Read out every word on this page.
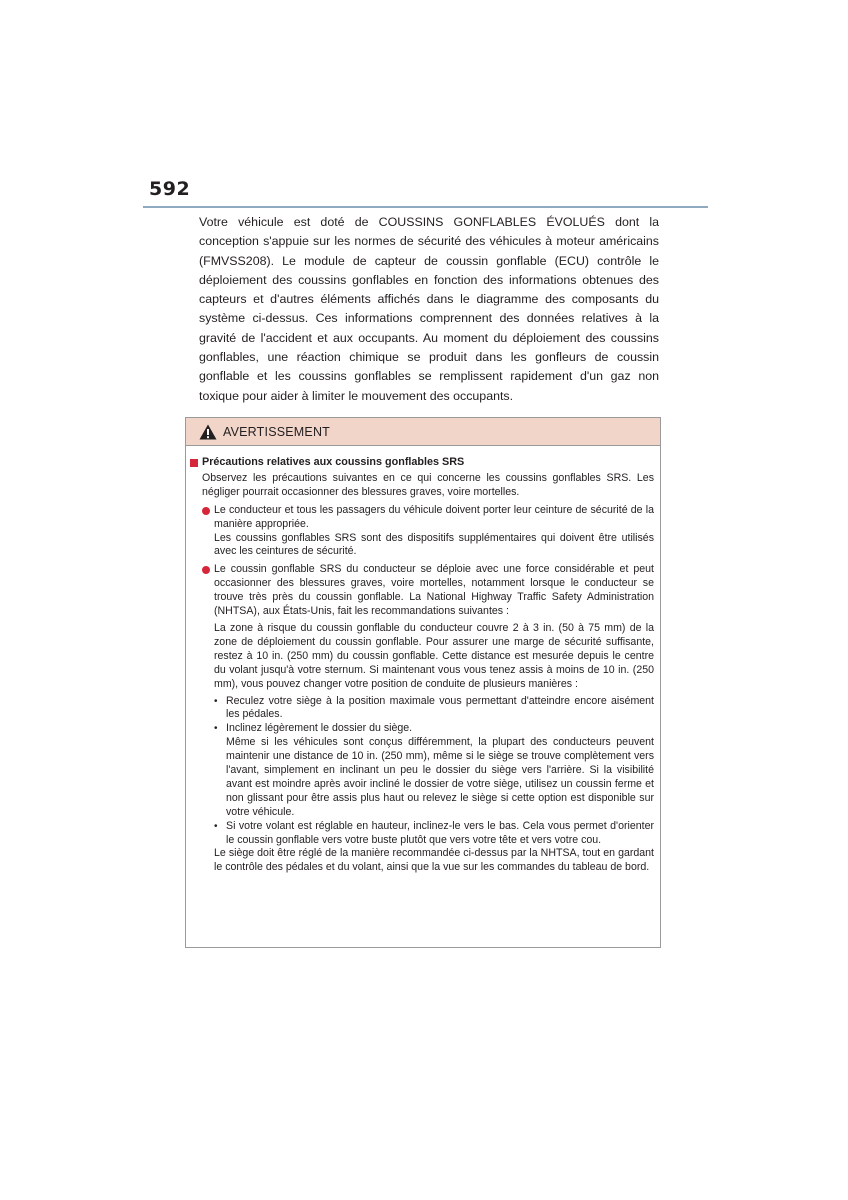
592

Votre véhicule est doté de COUSSINS GONFLABLES ÉVOLUÉS dont la conception s'appuie sur les normes de sécurité des véhicules à moteur américains (FMVSS208). Le module de capteur de coussin gonflable (ECU) contrôle le déploiement des coussins gonflables en fonction des informations obtenues des capteurs et d'autres éléments affichés dans le diagramme des composants du système ci-dessus. Ces informations comprennent des données relatives à la gravité de l'accident et aux occupants. Au moment du déploiement des coussins gonflables, une réaction chimique se produit dans les gonfleurs de coussin gonflable et les coussins gonflables se remplissent rapidement d'un gaz non toxique pour aider à limiter le mouvement des occupants.

AVERTISSEMENT
Précautions relatives aux coussins gonflables SRS

Observez les précautions suivantes en ce qui concerne les coussins gonflables SRS. Les négliger pourrait occasionner des blessures graves, voire mortelles.

Le conducteur et tous les passagers du véhicule doivent porter leur ceinture de sécurité de la manière appropriée.

Les coussins gonflables SRS sont des dispositifs supplémentaires qui doivent être utilisés avec les ceintures de sécurité.

Le coussin gonflable SRS du conducteur se déploie avec une force considérable et peut occasionner des blessures graves, voire mortelles, notamment lorsque le conducteur se trouve très près du coussin gonflable. La National Highway Traffic Safety Administration (NHTSA), aux États-Unis, fait les recommandations suivantes :

La zone à risque du coussin gonflable du conducteur couvre 2 à 3 in. (50 à 75 mm) de la zone de déploiement du coussin gonflable. Pour assurer une marge de sécurité suffisante, restez à 10 in. (250 mm) du coussin gonflable. Cette distance est mesurée depuis le centre du volant jusqu'à votre sternum. Si maintenant vous vous tenez assis à moins de 10 in. (250 mm), vous pouvez changer votre position de conduite de plusieurs manières :

• Reculez votre siège à la position maximale vous permettant d'atteindre encore aisément les pédales.

• Inclinez légèrement le dossier du siège.

Même si les véhicules sont conçus différemment, la plupart des conducteurs peuvent maintenir une distance de 10 in. (250 mm), même si le siège se trouve complètement vers l'avant, simplement en inclinant un peu le dossier du siège vers l'arrière. Si la visibilité avant est moindre après avoir incliné le dossier de votre siège, utilisez un coussin ferme et non glissant pour être assis plus haut ou relevez le siège si cette option est disponible sur votre véhicule.

• Si votre volant est réglable en hauteur, inclinez-le vers le bas. Cela vous permet d'orienter le coussin gonflable vers votre buste plutôt que vers votre tête et vers votre cou.

Le siège doit être réglé de la manière recommandée ci-dessus par la NHTSA, tout en gardant le contrôle des pédales et du volant, ainsi que la vue sur les commandes du tableau de bord.
